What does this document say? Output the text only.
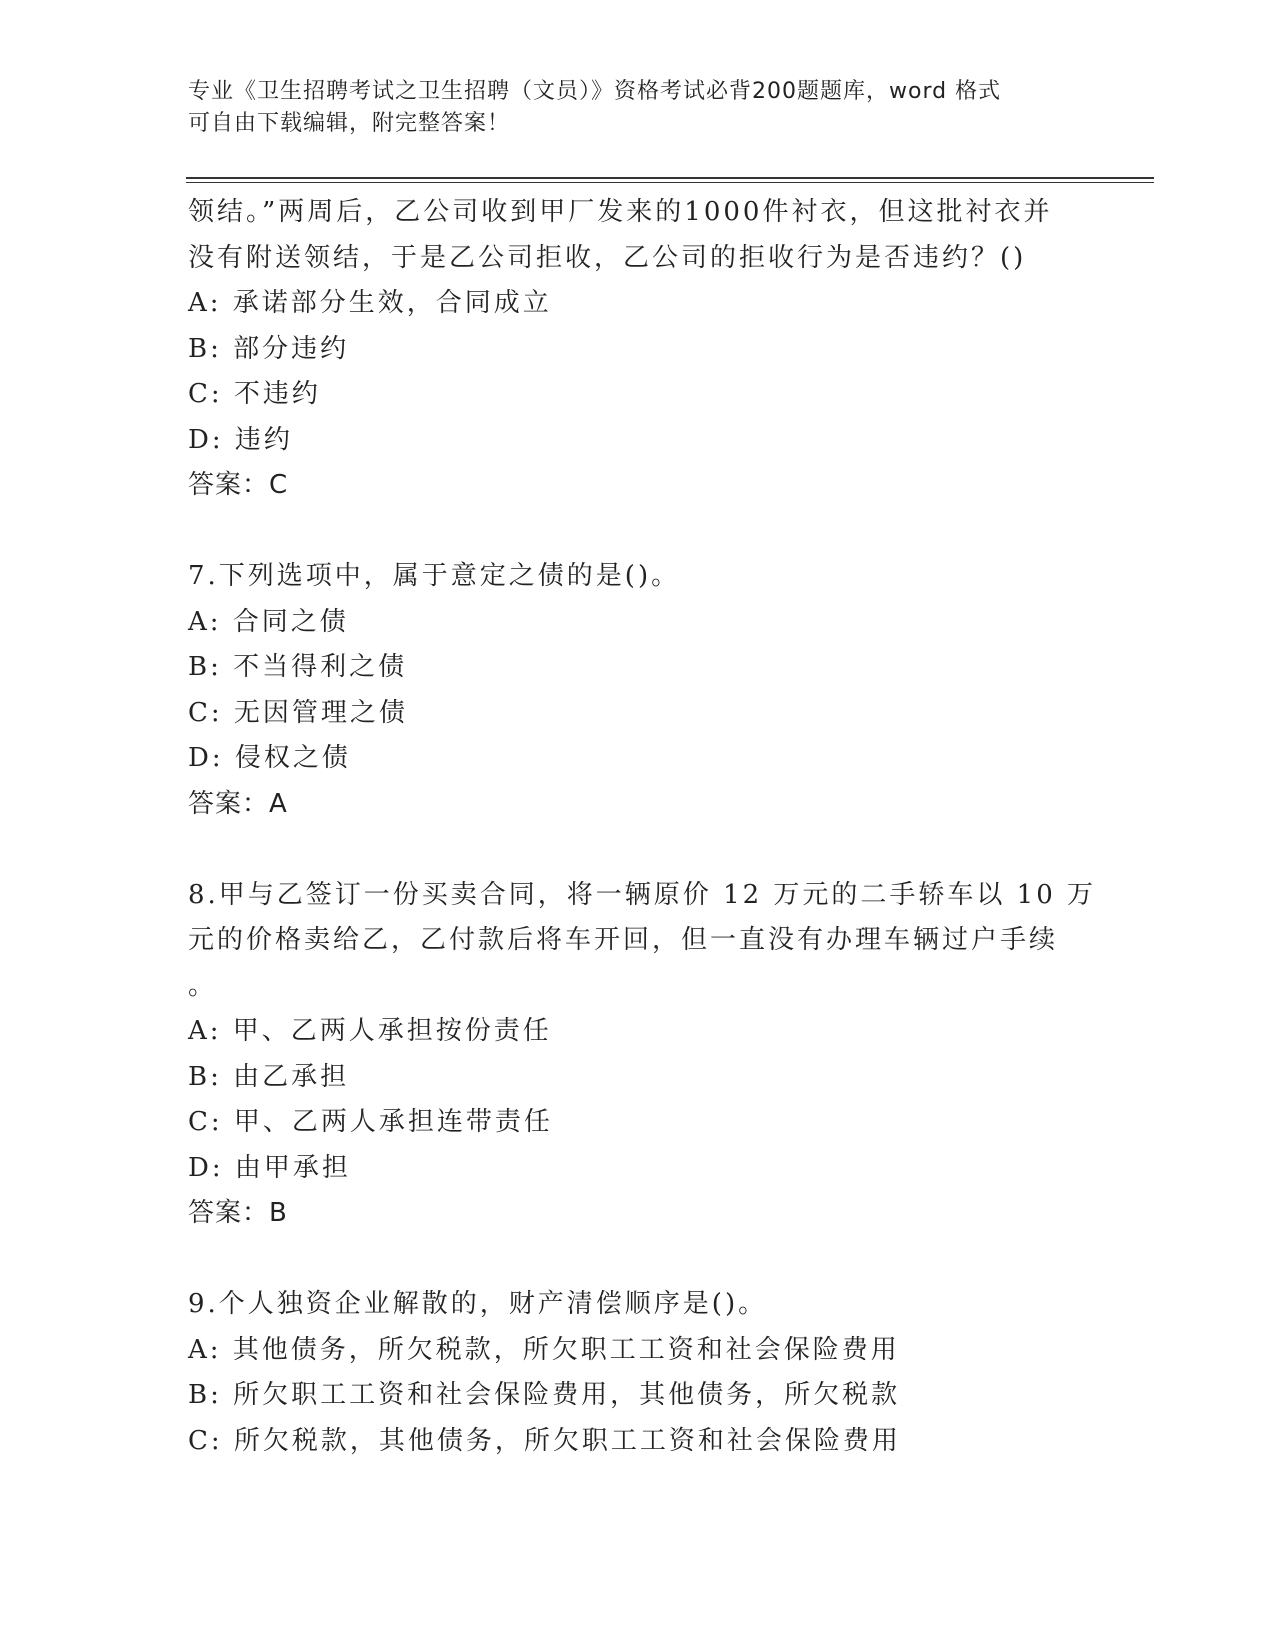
专业《卫生招聘考试之卫生招聘（文员）》资格考试必背200题题库，word 格式
可自由下载编辑，附完整答案！
领结。”两周后，乙公司收到甲厂发来的1000件衬衣，但这批衬衣并
没有附送领结，于是乙公司拒收，乙公司的拒收行为是否违约？()
A: 承诺部分生效，合同成立
B: 部分违约
C: 不违约
D: 违约
答案：C
7.下列选项中，属于意定之债的是()。
A: 合同之债
B: 不当得利之债
C: 无因管理之债
D: 侵权之债
答案：A
8.甲与乙签订一份买卖合同，将一辆原价 12 万元的二手轿车以 10 万
元的价格卖给乙，乙付款后将车开回，但一直没有办理车辆过户手续
。
A: 甲、乙两人承担按份责任
B: 由乙承担
C: 甲、乙两人承担连带责任
D: 由甲承担
答案：B
9.个人独资企业解散的，财产清偿顺序是()。
A: 其他债务，所欠税款，所欠职工工资和社会保险费用
B: 所欠职工工资和社会保险费用，其他债务，所欠税款
C: 所欠税款，其他债务，所欠职工工资和社会保险费用
